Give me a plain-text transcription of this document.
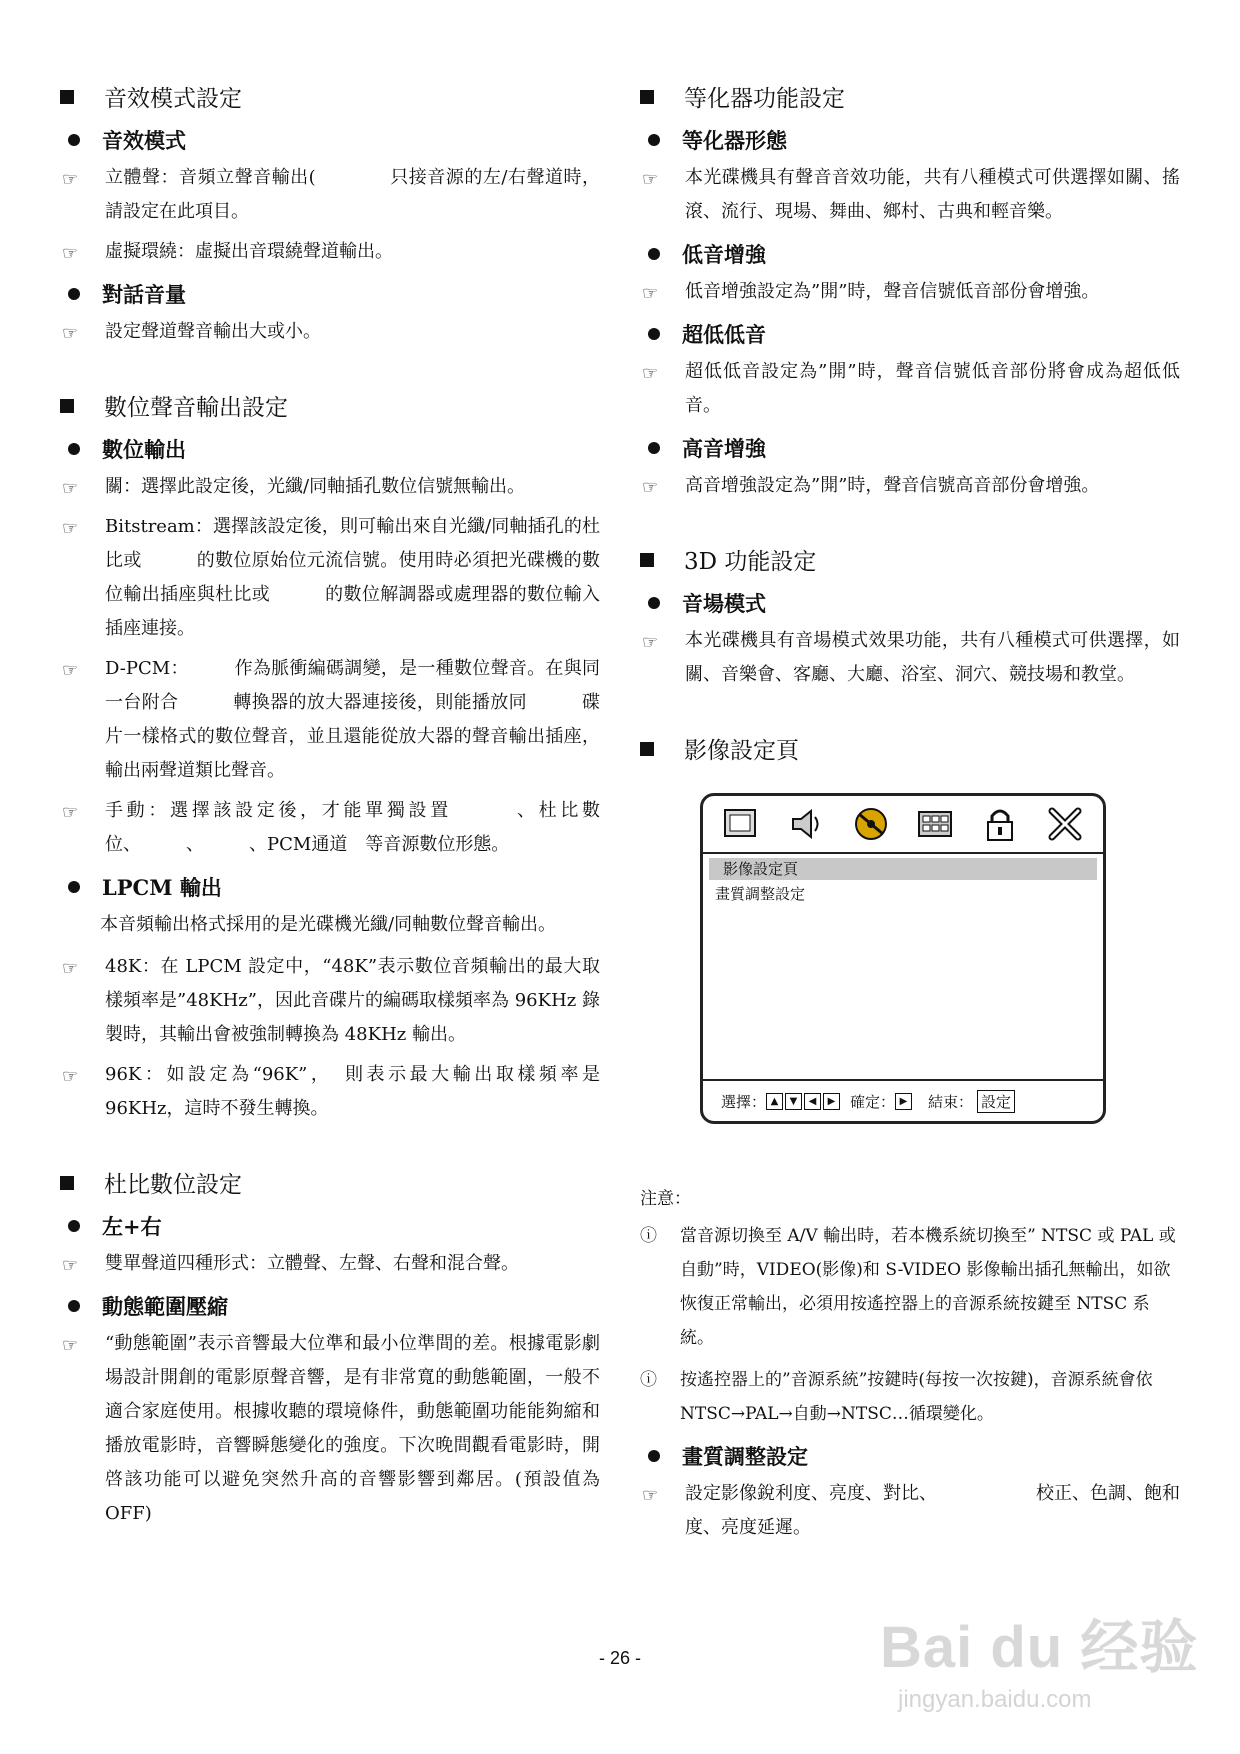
音效模式設定
音效模式
☞ 立體聲：音頻立聲音輸出(　　　　只接音源的左/右聲道時，請設定在此項目。
☞ 虛擬環繞：虛擬出音環繞聲道輸出。
對話音量
☞ 設定聲道聲音輸出大或小。
數位聲音輸出設定
數位輸出
☞ 關：選擇此設定後，光纖/同軸插孔數位信號無輸出。
☞ Bitstream：選擇該設定後，則可輸出來自光纖/同軸插孔的杜比或　　　的數位原始位元流信號。使用時必須把光碟機的數位輸出插座與杜比或　　　的數位解調器或處理器的數位輸入插座連接。
☞ D-PCM：　　　作為脈衝編碼調變，是一種數位聲音。在與同一台附合　　　轉換器的放大器連接後，則能播放同　　　碟片一樣格式的數位聲音，並且還能從放大器的聲音輸出插座，輸出兩聲道類比聲音。
☞ 手動：選擇該設定後，才能單獨設置　　　、杜比數位、　　　、　　　、PCM通道　等音源數位形態。
LPCM 輸出
本音頻輸出格式採用的是光碟機光纖/同軸數位聲音輸出。
☞ 48K：在 LPCM 設定中，“48K”表示數位音頻輸出的最大取樣頻率是”48KHz”，因此音碟片的編碼取樣頻率為 96KHz 錄製時，其輸出會被強制轉換為 48KHz 輸出。
☞ 96K：如設定為“96K”，　則表示最大輸出取樣頻率是 96KHz，這時不發生轉換。
杜比數位設定
左+右
☞ 雙單聲道四種形式：立體聲、左聲、右聲和混合聲。
動態範圍壓縮
☞ “動態範圍”表示音響最大位準和最小位準間的差。根據電影劇場設計開創的電影原聲音響，是有非常寬的動態範圍，一般不適合家庭使用。根據收聽的環境條件，動態範圍功能能夠縮和播放電影時，音響瞬態變化的強度。下次晚間觀看電影時，開啓該功能可以避免突然升高的音響影響到鄰居。(預設值為 OFF)
等化器功能設定
等化器形態
☞ 本光碟機具有聲音音效功能，共有八種模式可供選擇如關、搖滾、流行、現場、舞曲、鄉村、古典和輕音樂。
低音增強
☞ 低音增強設定為”開”時，聲音信號低音部份會增強。
超低低音
☞ 超低低音設定為”開”時，聲音信號低音部份將會成為超低低音。
高音增強
☞ 高音增強設定為”開”時，聲音信號高音部份會增強。
3D 功能設定
音場模式
☞ 本光碟機具有音場模式效果功能，共有八種模式可供選擇，如關、音樂會、客廳、大廳、浴室、洞穴、競技場和教堂。
影像設定頁
影像設定頁
畫質調整設定
選擇： ▲	▼	◀	▶ 確定： ▶	結束： 設定
注意：
ⓘ 當音源切換至 A/V 輸出時，若本機系統切換至” NTSC 或 PAL 或自動”時，VIDEO(影像)和 S-VIDEO 影像輸出插孔無輸出，如欲恢復正常輸出，必須用按遙控器上的音源系統按鍵至 NTSC 系統。
ⓘ 按遙控器上的”音源系統”按鍵時(每按一次按鍵)，音源系統會依 NTSC→PAL→自動→NTSC…循環變化。
畫質調整設定
☞ 設定影像銳利度、亮度、對比、　　　　　　校正、色調、飽和度、亮度延遲。
- 26 -	Bai du 经验
jingyan.baidu.com
